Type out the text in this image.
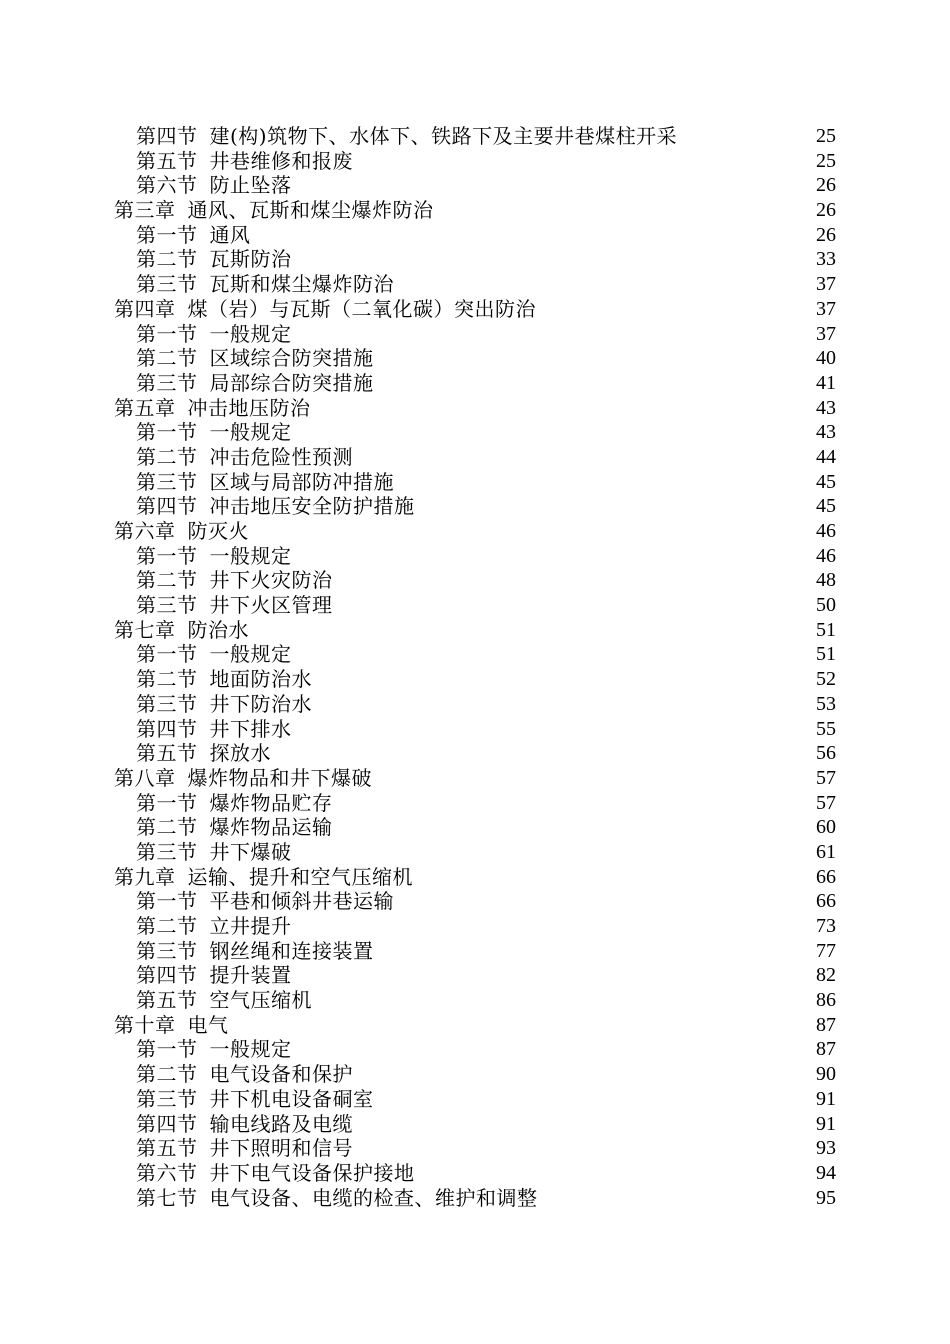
第四节 建(构)筑物下、水体下、铁路下及主要井巷煤柱开采	25
第五节 井巷维修和报废	25
第六节 防止坠落	26
第三章 通风、瓦斯和煤尘爆炸防治	26
第一节 通风	26
第二节 瓦斯防治	33
第三节 瓦斯和煤尘爆炸防治	37
第四章 煤（岩）与瓦斯（二氧化碳）突出防治	37
第一节 一般规定	37
第二节 区域综合防突措施	40
第三节 局部综合防突措施	41
第五章 冲击地压防治	43
第一节 一般规定	43
第二节 冲击危险性预测	44
第三节 区域与局部防冲措施	45
第四节 冲击地压安全防护措施	45
第六章 防灭火	46
第一节 一般规定	46
第二节 井下火灾防治	48
第三节 井下火区管理	50
第七章 防治水	51
第一节 一般规定	51
第二节 地面防治水	52
第三节 井下防治水	53
第四节 井下排水	55
第五节 探放水	56
第八章 爆炸物品和井下爆破	57
第一节 爆炸物品贮存	57
第二节 爆炸物品运输	60
第三节 井下爆破	61
第九章 运输、提升和空气压缩机	66
第一节 平巷和倾斜井巷运输	66
第二节 立井提升	73
第三节 钢丝绳和连接装置	77
第四节 提升装置	82
第五节 空气压缩机	86
第十章 电气	87
第一节 一般规定	87
第二节 电气设备和保护	90
第三节 井下机电设备硐室	91
第四节 输电线路及电缆	91
第五节 井下照明和信号	93
第六节 井下电气设备保护接地	94
第七节 电气设备、电缆的检查、维护和调整	95
